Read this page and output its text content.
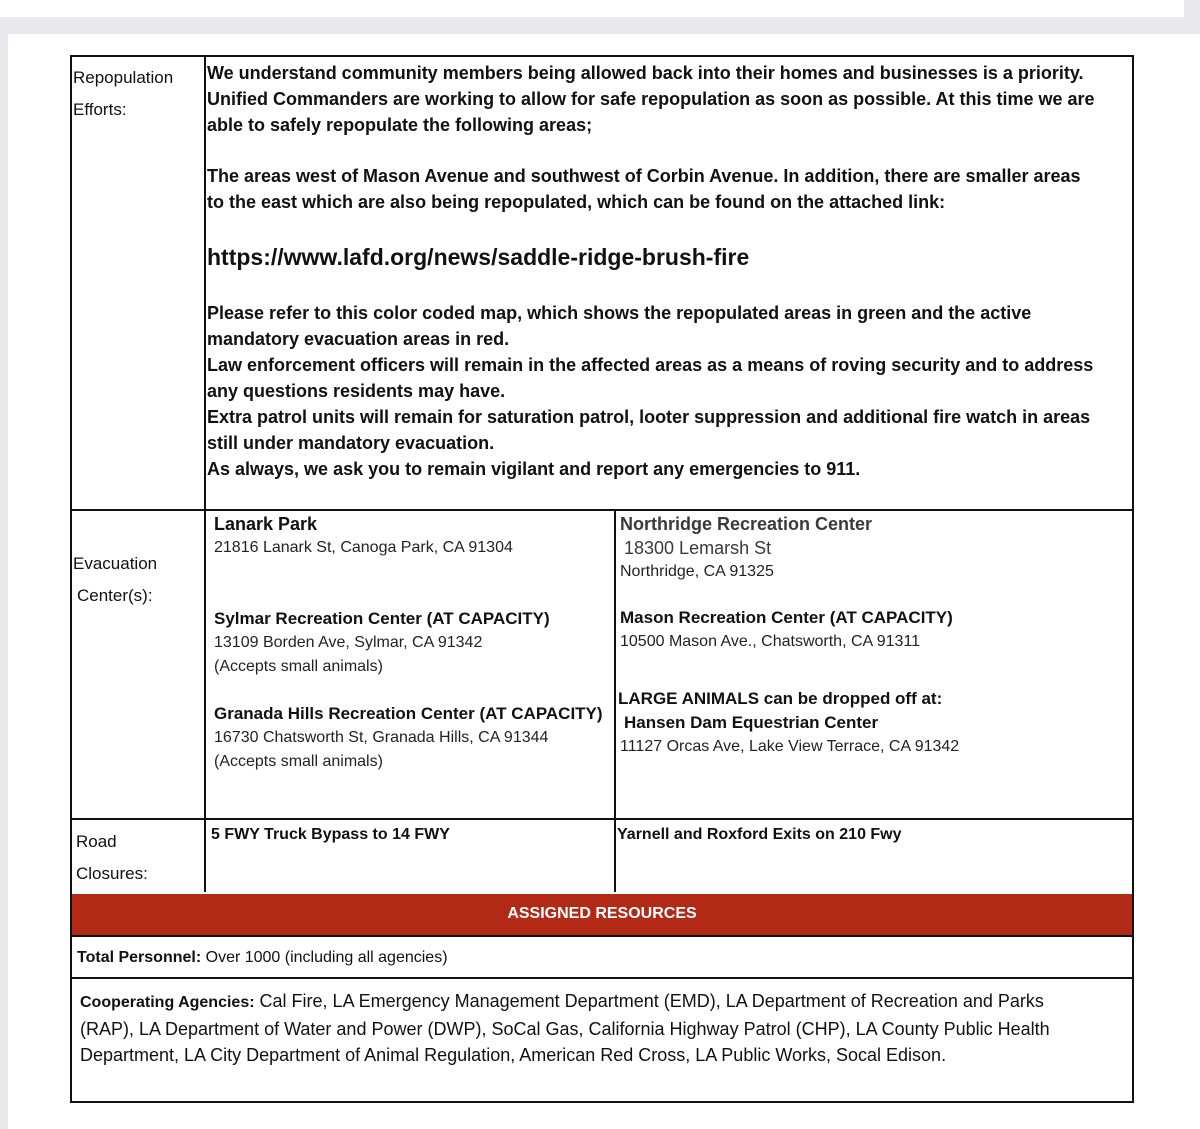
ASSIGNED RESOURCES
Repopulation
Efforts:
Evacuation
Center(s):
Road
Closures:
We understand community members being allowed back into their homes and businesses is a priority.
Unified Commanders are working to allow for safe repopulation as soon as possible. At this time we are
able to safely repopulate the following areas;
The areas west of Mason Avenue and southwest of Corbin Avenue. In addition, there are smaller areas
to the east which are also being repopulated, which can be found on the attached link:
https://www.lafd.org/news/saddle-ridge-brush-fire
Please refer to this color coded map, which shows the repopulated areas in green and the active
mandatory evacuation areas in red.
Law enforcement officers will remain in the affected areas as a means of roving security and to address
any questions residents may have.
Extra patrol units will remain for saturation patrol, looter suppression and additional fire watch in areas
still under mandatory evacuation.
As always, we ask you to remain vigilant and report any emergencies to 911.
Lanark Park
21816 Lanark St, Canoga Park, CA 91304
Sylmar Recreation Center (AT CAPACITY)
13109 Borden Ave, Sylmar, CA 91342
(Accepts small animals)
Granada Hills Recreation Center (AT CAPACITY)
16730 Chatsworth St, Granada Hills, CA 91344
(Accepts small animals)
Northridge Recreation Center
18300 Lemarsh St
Northridge, CA 91325
Mason Recreation Center (AT CAPACITY)
10500 Mason Ave., Chatsworth, CA 91311
LARGE ANIMALS can be dropped off at:
Hansen Dam Equestrian Center
11127 Orcas Ave, Lake View Terrace, CA 91342
5 FWY Truck Bypass to 14 FWY	Yarnell and Roxford Exits on 210 Fwy
Total Personnel: Over 1000 (including all agencies)
Cooperating Agencies: Cal Fire, LA Emergency Management Department (EMD), LA Department of Recreation and Parks
(RAP), LA Department of Water and Power (DWP), SoCal Gas, California Highway Patrol (CHP), LA County Public Health
Department, LA City Department of Animal Regulation, American Red Cross, LA Public Works, Socal Edison.
